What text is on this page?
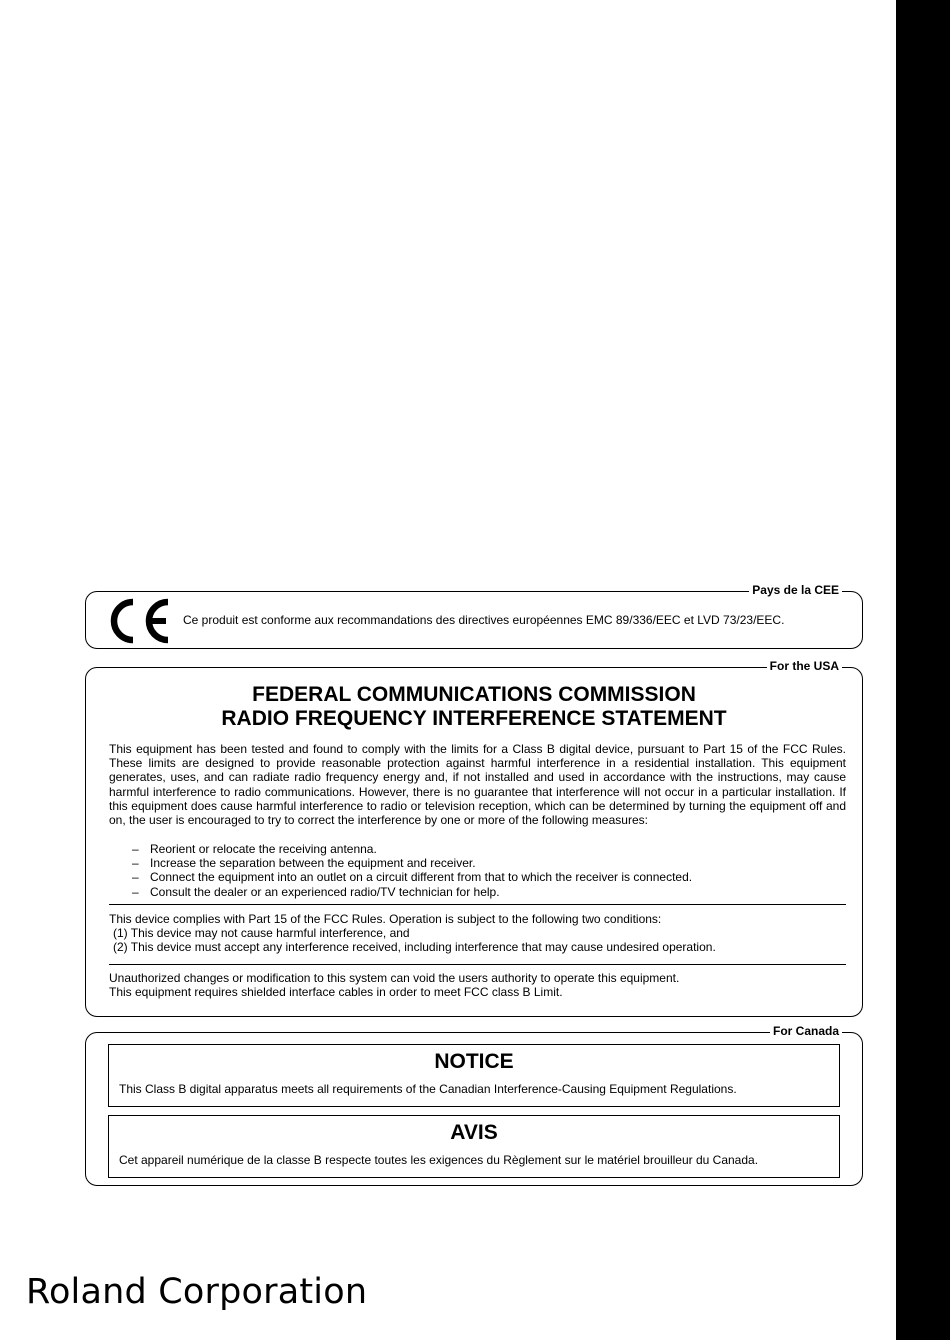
Pays de la CEE
Ce produit est conforme aux recommandations des directives européennes EMC 89/336/EEC et LVD 73/23/EEC.
For the USA
FEDERAL COMMUNICATIONS COMMISSION
RADIO FREQUENCY INTERFERENCE STATEMENT
This equipment has been tested and found to comply with the limits for a Class B digital device, pursuant to Part 15 of the FCC Rules. These limits are designed to provide reasonable protection against harmful interference in a residential installation. This equipment generates, uses, and can radiate radio frequency energy and, if not installed and used in accordance with the instructions, may cause harmful interference to radio communications. However, there is no guarantee that interference will not occur in a particular installation. If this equipment does cause harmful interference to radio or television reception, which can be determined by turning the equipment off and on, the user is encouraged to try to correct the interference by one or more of the following measures:
– Reorient or relocate the receiving antenna.
– Increase the separation between the equipment and receiver.
– Connect the equipment into an outlet on a circuit different from that to which the receiver is connected.
– Consult the dealer or an experienced radio/TV technician for help.
This device complies with Part 15 of the FCC Rules. Operation is subject to the following two conditions:
(1) This device may not cause harmful interference, and
(2) This device must accept any interference received, including interference that may cause undesired operation.
Unauthorized changes or modification to this system can void the users authority to operate this equipment.
This equipment requires shielded interface cables in order to meet FCC class B Limit.
For Canada
NOTICE
This Class B digital apparatus meets all requirements of the Canadian Interference-Causing Equipment Regulations.
AVIS
Cet appareil numérique de la classe B respecte toutes les exigences du Règlement sur le matériel brouilleur du Canada.
Roland Corporation
